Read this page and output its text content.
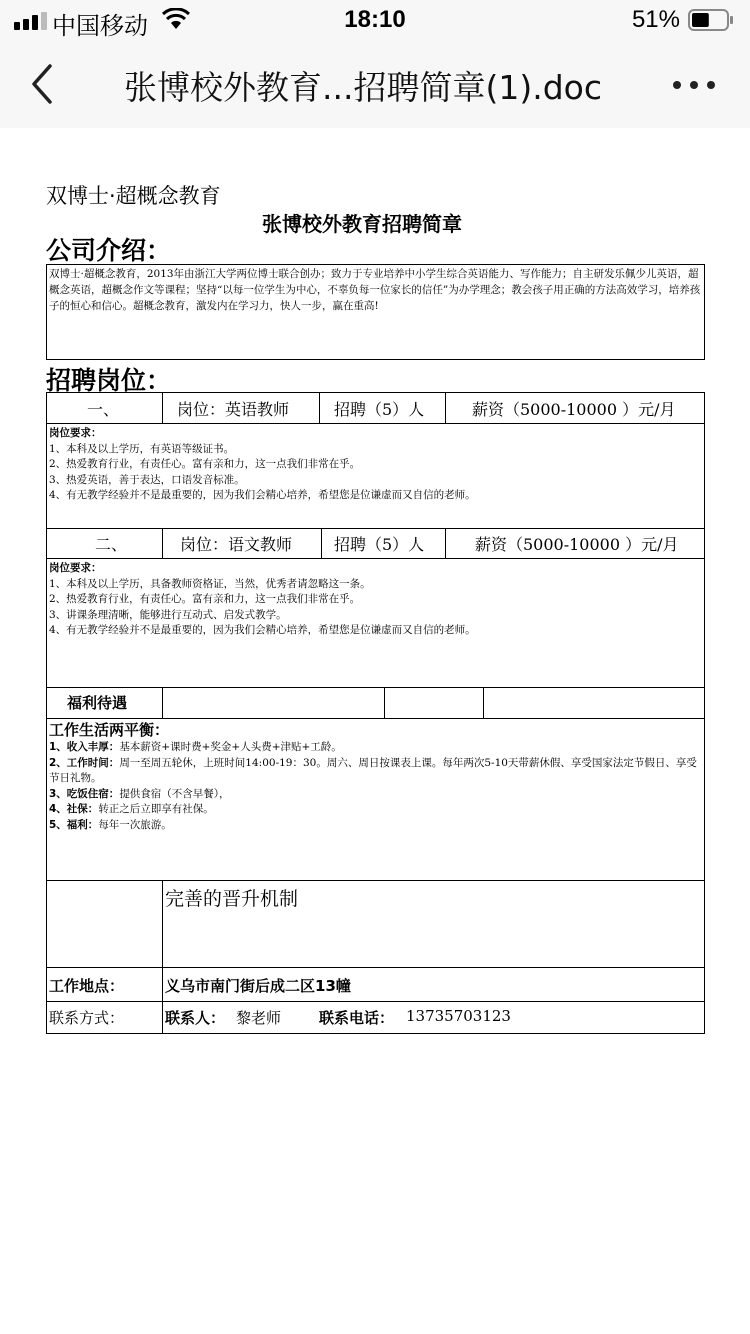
中国移动	18:10	51%
张博校外教育...招聘简章(1).doc
双博士·超概念教育
张博校外教育招聘简章
公司介绍：
双博士·超概念教育，2013年由浙江大学两位博士联合创办；致力于专业培养中小学生综合英语能力、写作能力；自主研发乐佩少儿英语，超概念英语，超概念作文等课程；坚持“以每一位学生为中心，不辜负每一位家长的信任”为办学理念；教会孩子用正确的方法高效学习，培养孩子的恒心和信心。超概念教育，激发内在学习力，快人一步，赢在重高!
招聘岗位：
一、	岗位：英语教师	招聘（5）人	薪资（5000-10000 ）元/月
岗位要求：
1、本科及以上学历，有英语等级证书。
2、热爱教育行业，有责任心。富有亲和力，这一点我们非常在乎。
3、热爱英语，善于表达，口语发音标准。
4、有无教学经验并不是最重要的，因为我们会精心培养，希望您是位谦虚而又自信的老师。
二、	岗位：语文教师	招聘（5）人	薪资（5000-10000 ）元/月
岗位要求：
1、本科及以上学历，具备教师资格证，当然，优秀者请忽略这一条。
2、热爱教育行业，有责任心。富有亲和力，这一点我们非常在乎。
3、讲课条理清晰，能够进行互动式、启发式教学。
4、有无教学经验并不是最重要的，因为我们会精心培养，希望您是位谦虚而又自信的老师。
福利待遇
工作生活两平衡：
1、收入丰厚：基本薪资+课时费+奖金+人头费+津贴+工龄。
2、工作时间：周一至周五轮休，上班时间14:00-19：30。周六、周日按课表上课。每年两次5-10天带薪休假、享受国家法定节假日、享受节日礼物。
3、吃饭住宿：提供食宿（不含早餐），
4、社保：转正之后立即享有社保。
5、福利：每年一次旅游。
完善的晋升机制
工作地点：	义乌市南门街后成二区13幢
联系方式：	联系人： 黎老师	联系电话： 13735703123
